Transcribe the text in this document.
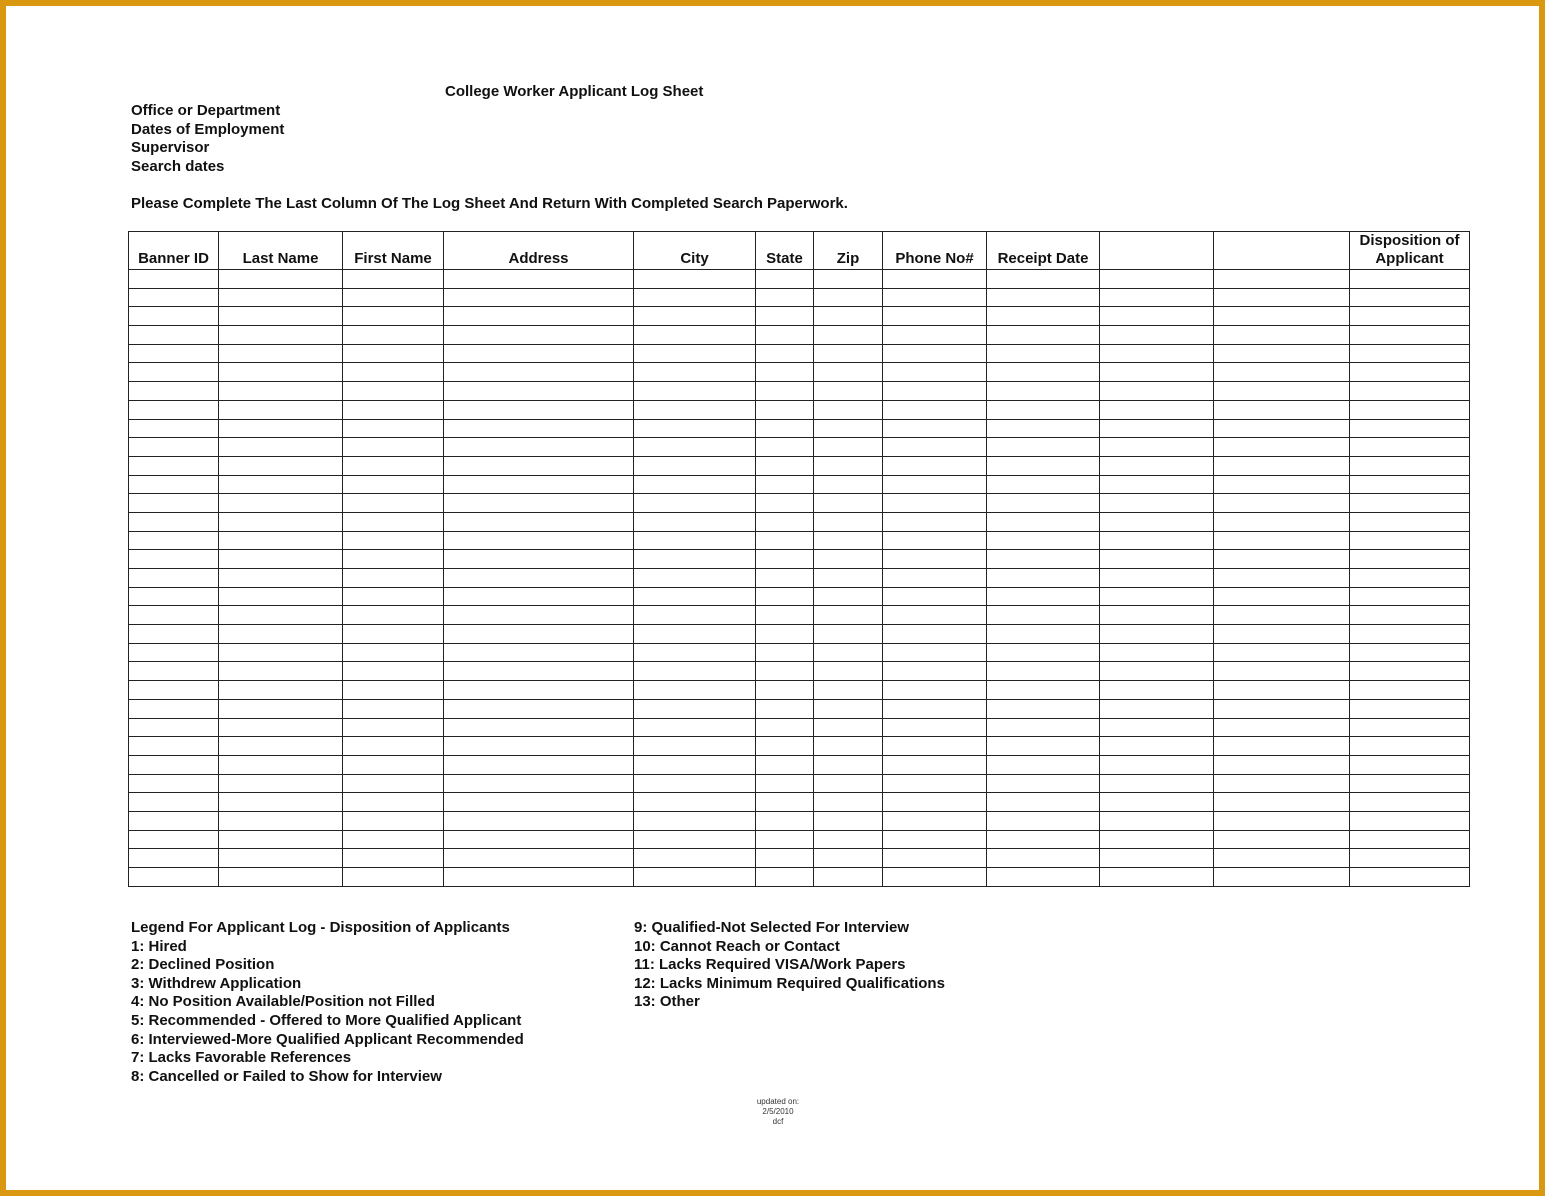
College Worker Applicant Log Sheet
Office or Department
Dates of Employment
Supervisor
Search dates
Please Complete The Last Column Of The Log Sheet And Return With Completed Search Paperwork.
Banner ID	Last Name	First Name	Address	City	State	Zip	Phone No#	Receipt Date			Disposition of Applicant

Legend For Applicant Log - Disposition of Applicants
1: Hired
2: Declined Position
3: Withdrew Application
4: No Position Available/Position not Filled
5: Recommended - Offered to More Qualified Applicant
6: Interviewed-More Qualified Applicant Recommended
7: Lacks Favorable References
8: Cancelled or Failed to Show for Interview
9: Qualified-Not Selected For Interview
10: Cannot Reach or Contact
11: Lacks Required VISA/Work Papers
12: Lacks Minimum Required Qualifications
13: Other
updated on:
2/5/2010
dcf
